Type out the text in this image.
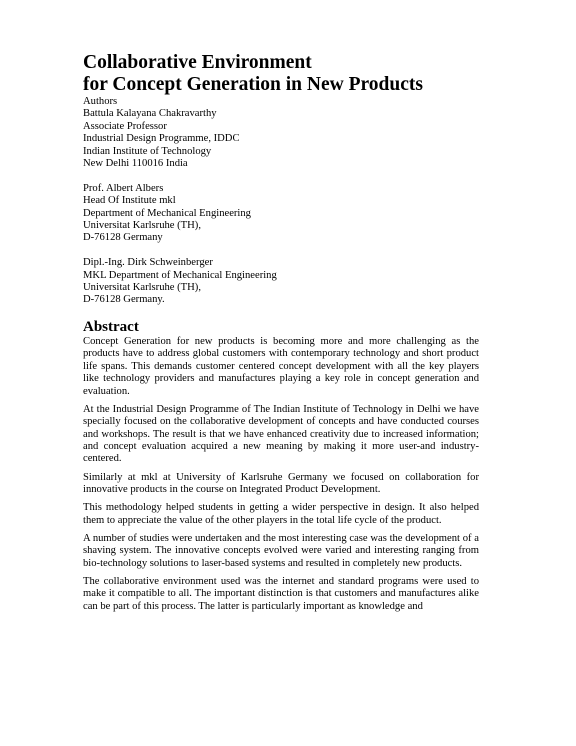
Collaborative Environment
for Concept Generation in New Products
Authors
Battula Kalayana Chakravarthy
Associate Professor
Industrial Design Programme, IDDC
Indian Institute of Technology
New Delhi 110016 India
Prof. Albert Albers
Head Of Institute mkl
Department of Mechanical Engineering
Universitat Karlsruhe (TH),
D-76128 Germany
Dipl.-Ing. Dirk Schweinberger
MKL Department of Mechanical Engineering
Universitat Karlsruhe (TH),
D-76128 Germany.
Abstract

Concept Generation for new products is becoming more and more challenging as the products have to address global customers with contemporary technology and short product life spans. This demands customer centered concept development with all the key players like technology providers and manufactures playing a key role in concept generation and evaluation.

At the Industrial Design Programme of The Indian Institute of Technology in Delhi we have specially focused on the collaborative development of concepts and have conducted courses and workshops. The result is that we have enhanced creativity due to increased information; and concept evaluation acquired a new meaning by making it more user-and industry-centered.

Similarly at mkl at University of Karlsruhe Germany we focused on collaboration for innovative products in the course on Integrated Product Development.

This methodology helped students in getting a wider perspective in design. It also helped them to appreciate the value of the other players in the total life cycle of the product.

A number of studies were undertaken and the most interesting case was the development of a shaving system. The innovative concepts evolved were varied and interesting ranging from bio-technology solutions to laser-based systems and resulted in completely new products.

The collaborative environment used was the internet and standard programs were used to make it compatible to all. The important distinction is that customers and manufactures alike can be part of this process. The latter is particularly important as knowledge and
